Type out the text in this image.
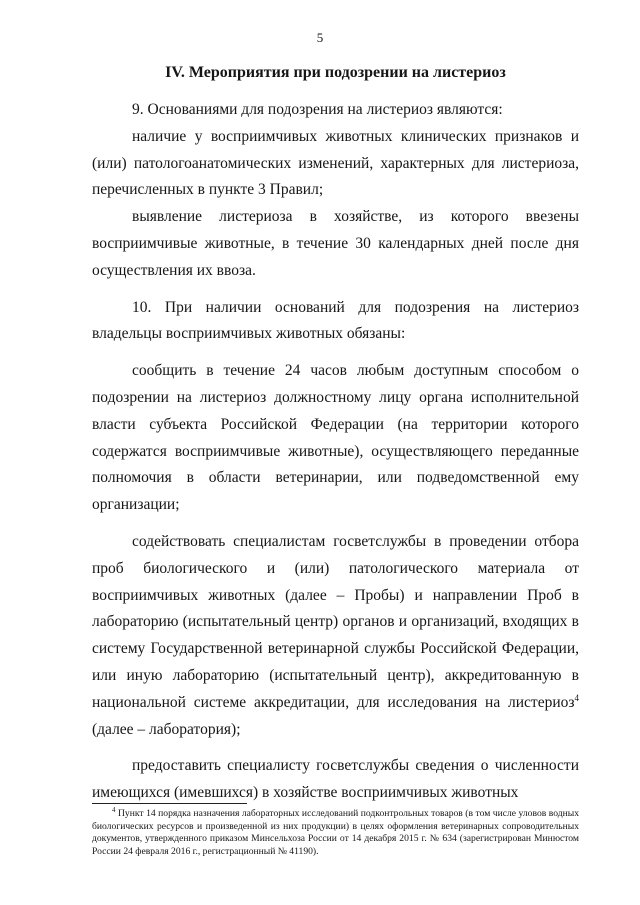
5
IV. Мероприятия при подозрении на листериоз

9. Основаниями для подозрения на листериоз являются:

наличие у восприимчивых животных клинических признаков и (или) патологоанатомических изменений, характерных для листериоза, перечисленных в пункте 3 Правил;

выявление листериоза в хозяйстве, из которого ввезены восприимчивые животные, в течение 30 календарных дней после дня осуществления их ввоза.

10. При наличии оснований для подозрения на листериоз владельцы восприимчивых животных обязаны:

сообщить в течение 24 часов любым доступным способом о подозрении на листериоз должностному лицу органа исполнительной власти субъекта Российской Федерации (на территории которого содержатся восприимчивые животные), осуществляющего переданные полномочия в области ветеринарии, или подведомственной ему организации;

содействовать специалистам госветслужбы в проведении отбора проб биологического и (или) патологического материала от восприимчивых животных (далее – Пробы) и направлении Проб в лабораторию (испытательный центр) органов и организаций, входящих в систему Государственной ветеринарной службы Российской Федерации, или иную лабораторию (испытательный центр), аккредитованную в национальной системе аккредитации, для исследования на листериоз$^4$ (далее – лаборатория);

предоставить специалисту госветслужбы сведения о численности имеющихся (имевшихся) в хозяйстве восприимчивых животных

$^4$ Пункт 14 порядка назначения лабораторных исследований подконтрольных товаров (в том числе уловов водных биологических ресурсов и произведенной из них продукции) в целях оформления ветеринарных сопроводительных документов, утвержденного приказом Минсельхоза России от 14 декабря 2015 г. № 634 (зарегистрирован Минюстом России 24 февраля 2016 г., регистрационный № 41190).
